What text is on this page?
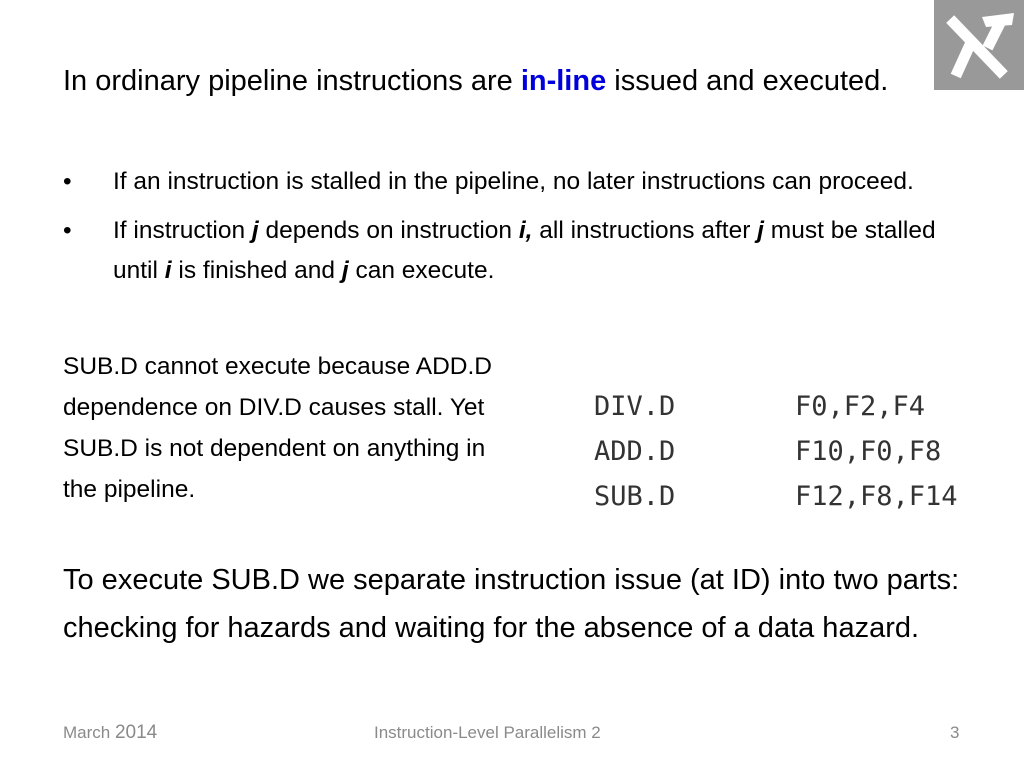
In ordinary pipeline instructions are in-line issued and executed.
• If an instruction is stalled in the pipeline, no later instructions can proceed.
• If instruction j depends on instruction i, all instructions after j must be stalled until i is finished and j can execute.
SUB.D cannot execute because ADD.D dependence on DIV.D causes stall. Yet SUB.D is not dependent on anything in the pipeline.
DIV.D	F0,F2,F4
ADD.D	F10,F0,F8
SUB.D	F12,F8,F14
To execute SUB.D we separate instruction issue (at ID) into two parts: checking for hazards and waiting for the absence of a data hazard.
March 2014	Instruction-Level Parallelism 2	3
